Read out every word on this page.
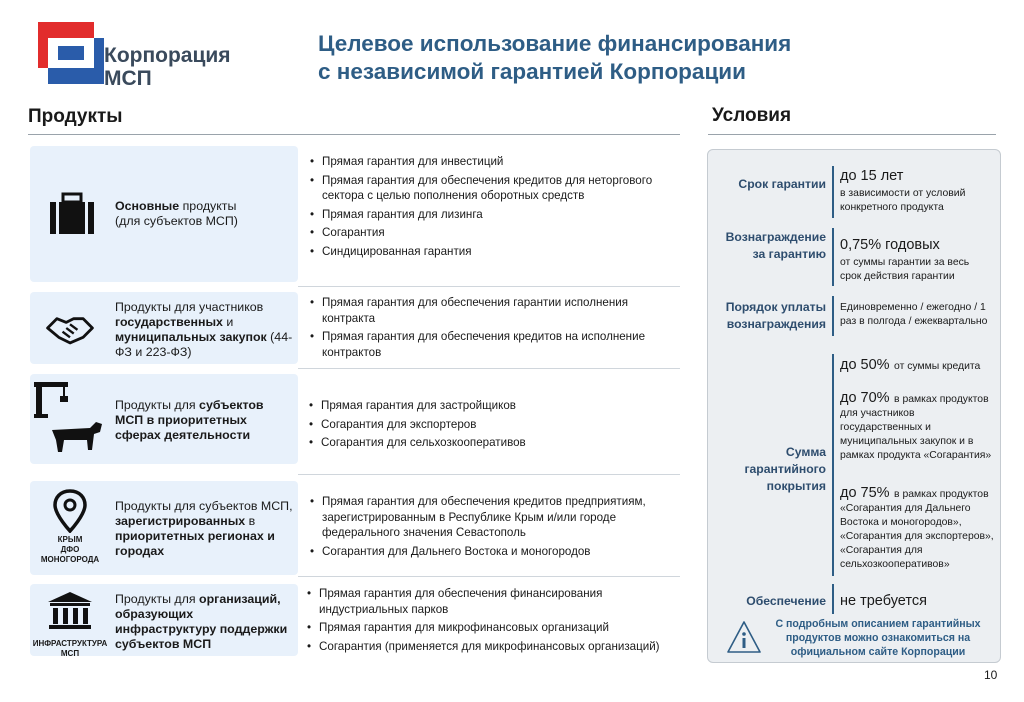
Корпорация
МСП
Целевое использование финансирования
с независимой гарантией Корпорации
Продукты	Условия
Основные продукты
(для субъектов МСП)
• Прямая гарантия для инвестиций
• Прямая гарантия для обеспечения кредитов для неторгового сектора с целью пополнения оборотных средств
• Прямая гарантия для лизинга
• Согарантия
• Синдицированная гарантия
Продукты для участников государственных и муниципальных закупок (44-ФЗ и 223-ФЗ)
• Прямая гарантия для обеспечения гарантии исполнения контракта
• Прямая гарантия для обеспечения кредитов на исполнение контрактов
Продукты для субъектов МСП в приоритетных сферах деятельности
• Прямая гарантия для застройщиков
• Согарантия для экспортеров
• Согарантия для сельхозкооперативов
КРЫМ
ДФО
МОНОГОРОДА
Продукты для субъектов МСП, зарегистрированных в приоритетных регионах и городах
• Прямая гарантия для обеспечения кредитов предприятиям, зарегистрированным в Республике Крым и/или городе федерального значения Севастополь
• Согарантия для Дальнего Востока и моногородов
ИНФРАСТРУКТУРА
МСП
Продукты для организаций, образующих инфраструктуру поддержки субъектов МСП
• Прямая гарантия для обеспечения финансирования индустриальных парков
• Прямая гарантия для микрофинансовых организаций
• Согарантия (применяется для микрофинансовых организаций)
Срок гарантии до 15 лет
в зависимости от условий конкретного продукта
Вознаграждение за гарантию
0,75% годовых
от суммы гарантии за весь срок действия гарантии
Порядок уплаты вознаграждения
Единовременно / ежегодно / 1 раз в полгода / ежеквартально
Сумма гарантийного покрытия
до 50% от суммы кредита
до 70% в рамках продуктов
для участников государственных и муниципальных закупок и в рамках продукта «Согарантия»
до 75% в рамках продуктов
«Согарантия для Дальнего Востока и моногородов», «Согарантия для экспортеров», «Согарантия для сельхозкооперативов»
Обеспечение не требуется
С подробным описанием гарантийных продуктов можно ознакомиться на официальном сайте Корпорации
10
